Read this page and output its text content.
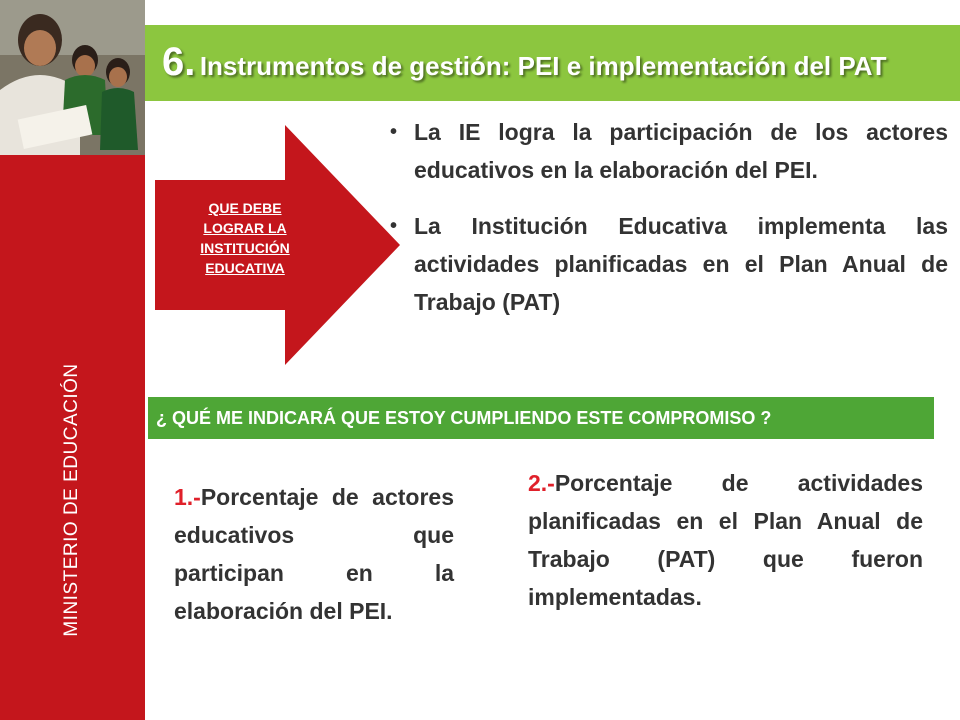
MINISTERIO DE EDUCACIÓN
6. Instrumentos de gestión: PEI e implementación del PAT
QUE DEBE
LOGRAR LA
INSTITUCIÓN
EDUCATIVA
• La IE logra la participación de los actores educativos en la elaboración del PEI.
• La Institución Educativa implementa las actividades planificadas en el Plan Anual de Trabajo (PAT)
¿ QUÉ ME INDICARÁ QUE ESTOY CUMPLIENDO ESTE COMPROMISO ?
1.-Porcentaje de actores educativos que participan en la elaboración del PEI.
2.-Porcentaje de actividades planificadas en el Plan Anual de Trabajo (PAT) que fueron implementadas.
